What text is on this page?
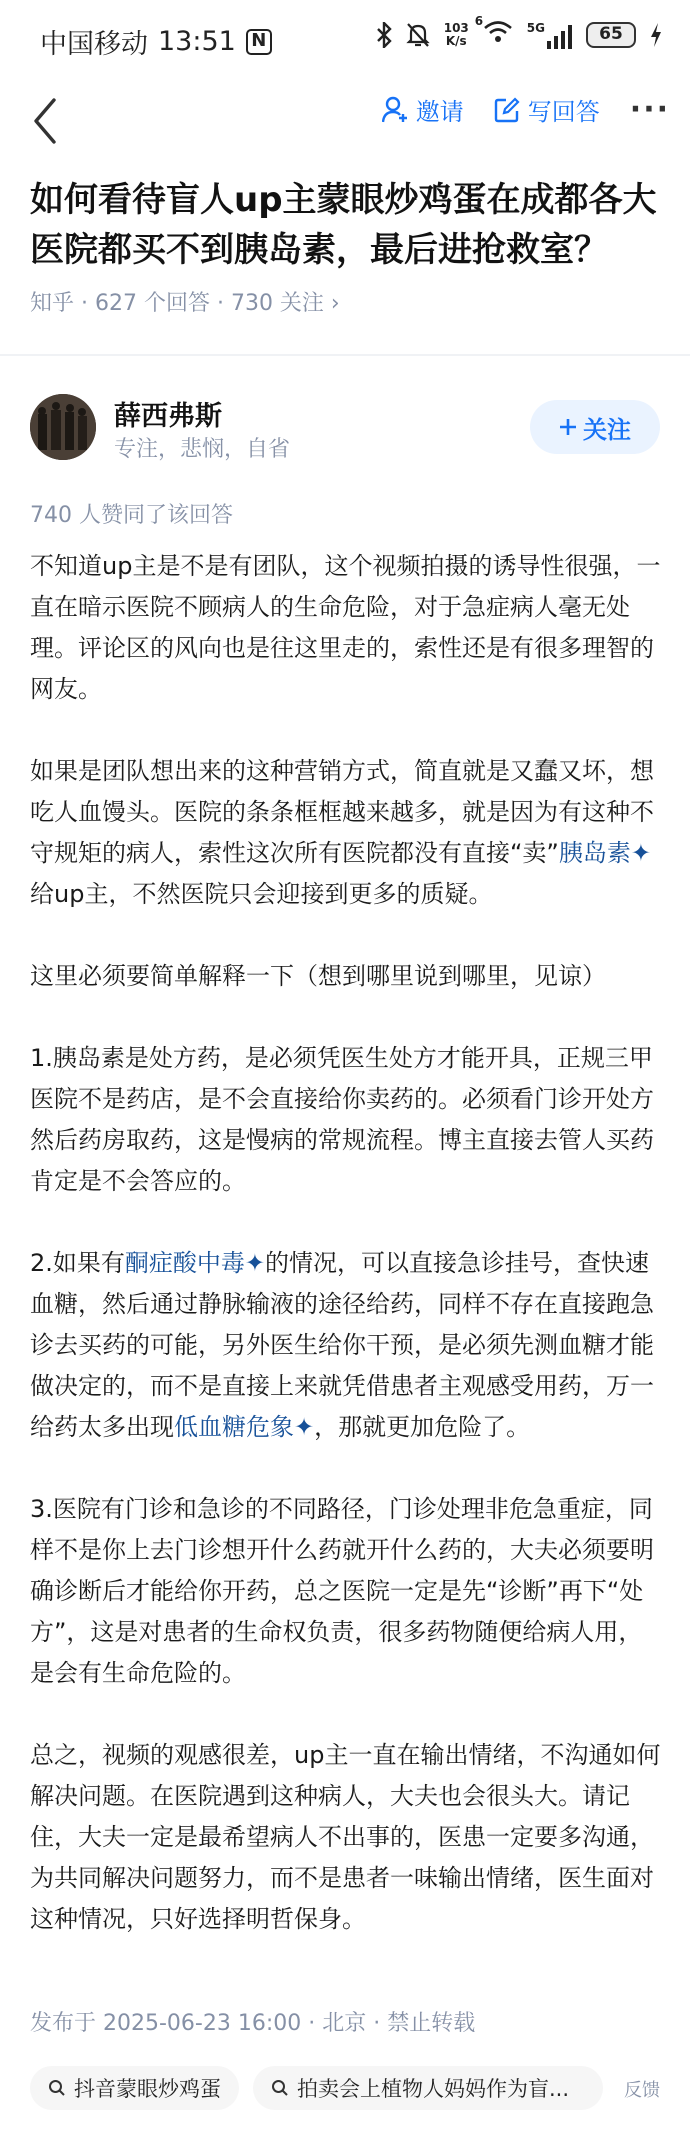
中国移动 13:51 N
103
K/s
6	5G	65
邀请	写回答 ···
如何看待盲人up主蒙眼炒鸡蛋在成都各大医院都买不到胰岛素，最后进抢救室？
知乎 · 627 个回答 · 730 关注 ›
薛西弗斯
专注，悲悯，自省
关注
740 人赞同了该回答

不知道up主是不是有团队，这个视频拍摄的诱导性很强，一直在暗示医院不顾病人的生命危险，对于急症病人毫无处理。评论区的风向也是往这里走的，索性还是有很多理智的网友。

如果是团队想出来的这种营销方式，简直就是又蠢又坏，想吃人血馒头。医院的条条框框越来越多，就是因为有这种不守规矩的病人，索性这次所有医院都没有直接“卖”胰岛素✦给up主，不然医院只会迎接到更多的质疑。

这里必须要简单解释一下（想到哪里说到哪里，见谅）

1.胰岛素是处方药，是必须凭医生处方才能开具，正规三甲医院不是药店，是不会直接给你卖药的。必须看门诊开处方然后药房取药，这是慢病的常规流程。博主直接去管人买药肯定是不会答应的。

2.如果有酮症酸中毒✦的情况，可以直接急诊挂号，查快速血糖，然后通过静脉输液的途径给药，同样不存在直接跑急诊去买药的可能，另外医生给你干预，是必须先测血糖才能做决定的，而不是直接上来就凭借患者主观感受用药，万一给药太多出现低血糖危象✦，那就更加危险了。

3.医院有门诊和急诊的不同路径，门诊处理非危急重症，同样不是你上去门诊想开什么药就开什么药的，大夫必须要明确诊断后才能给你开药，总之医院一定是先“诊断”再下“处方”，这是对患者的生命权负责，很多药物随便给病人用，是会有生命危险的。

总之，视频的观感很差，up主一直在输出情绪，不沟通如何解决问题。在医院遇到这种病人，大夫也会很头大。请记住，大夫一定是最希望病人不出事的，医患一定要多沟通，为共同解决问题努力，而不是患者一味输出情绪，医生面对这种情况，只好选择明哲保身。

发布于 2025-06-23 16:00 · 北京 · 禁止转载
抖音蒙眼炒鸡蛋	拍卖会上植物人妈妈作为盲...	反馈
